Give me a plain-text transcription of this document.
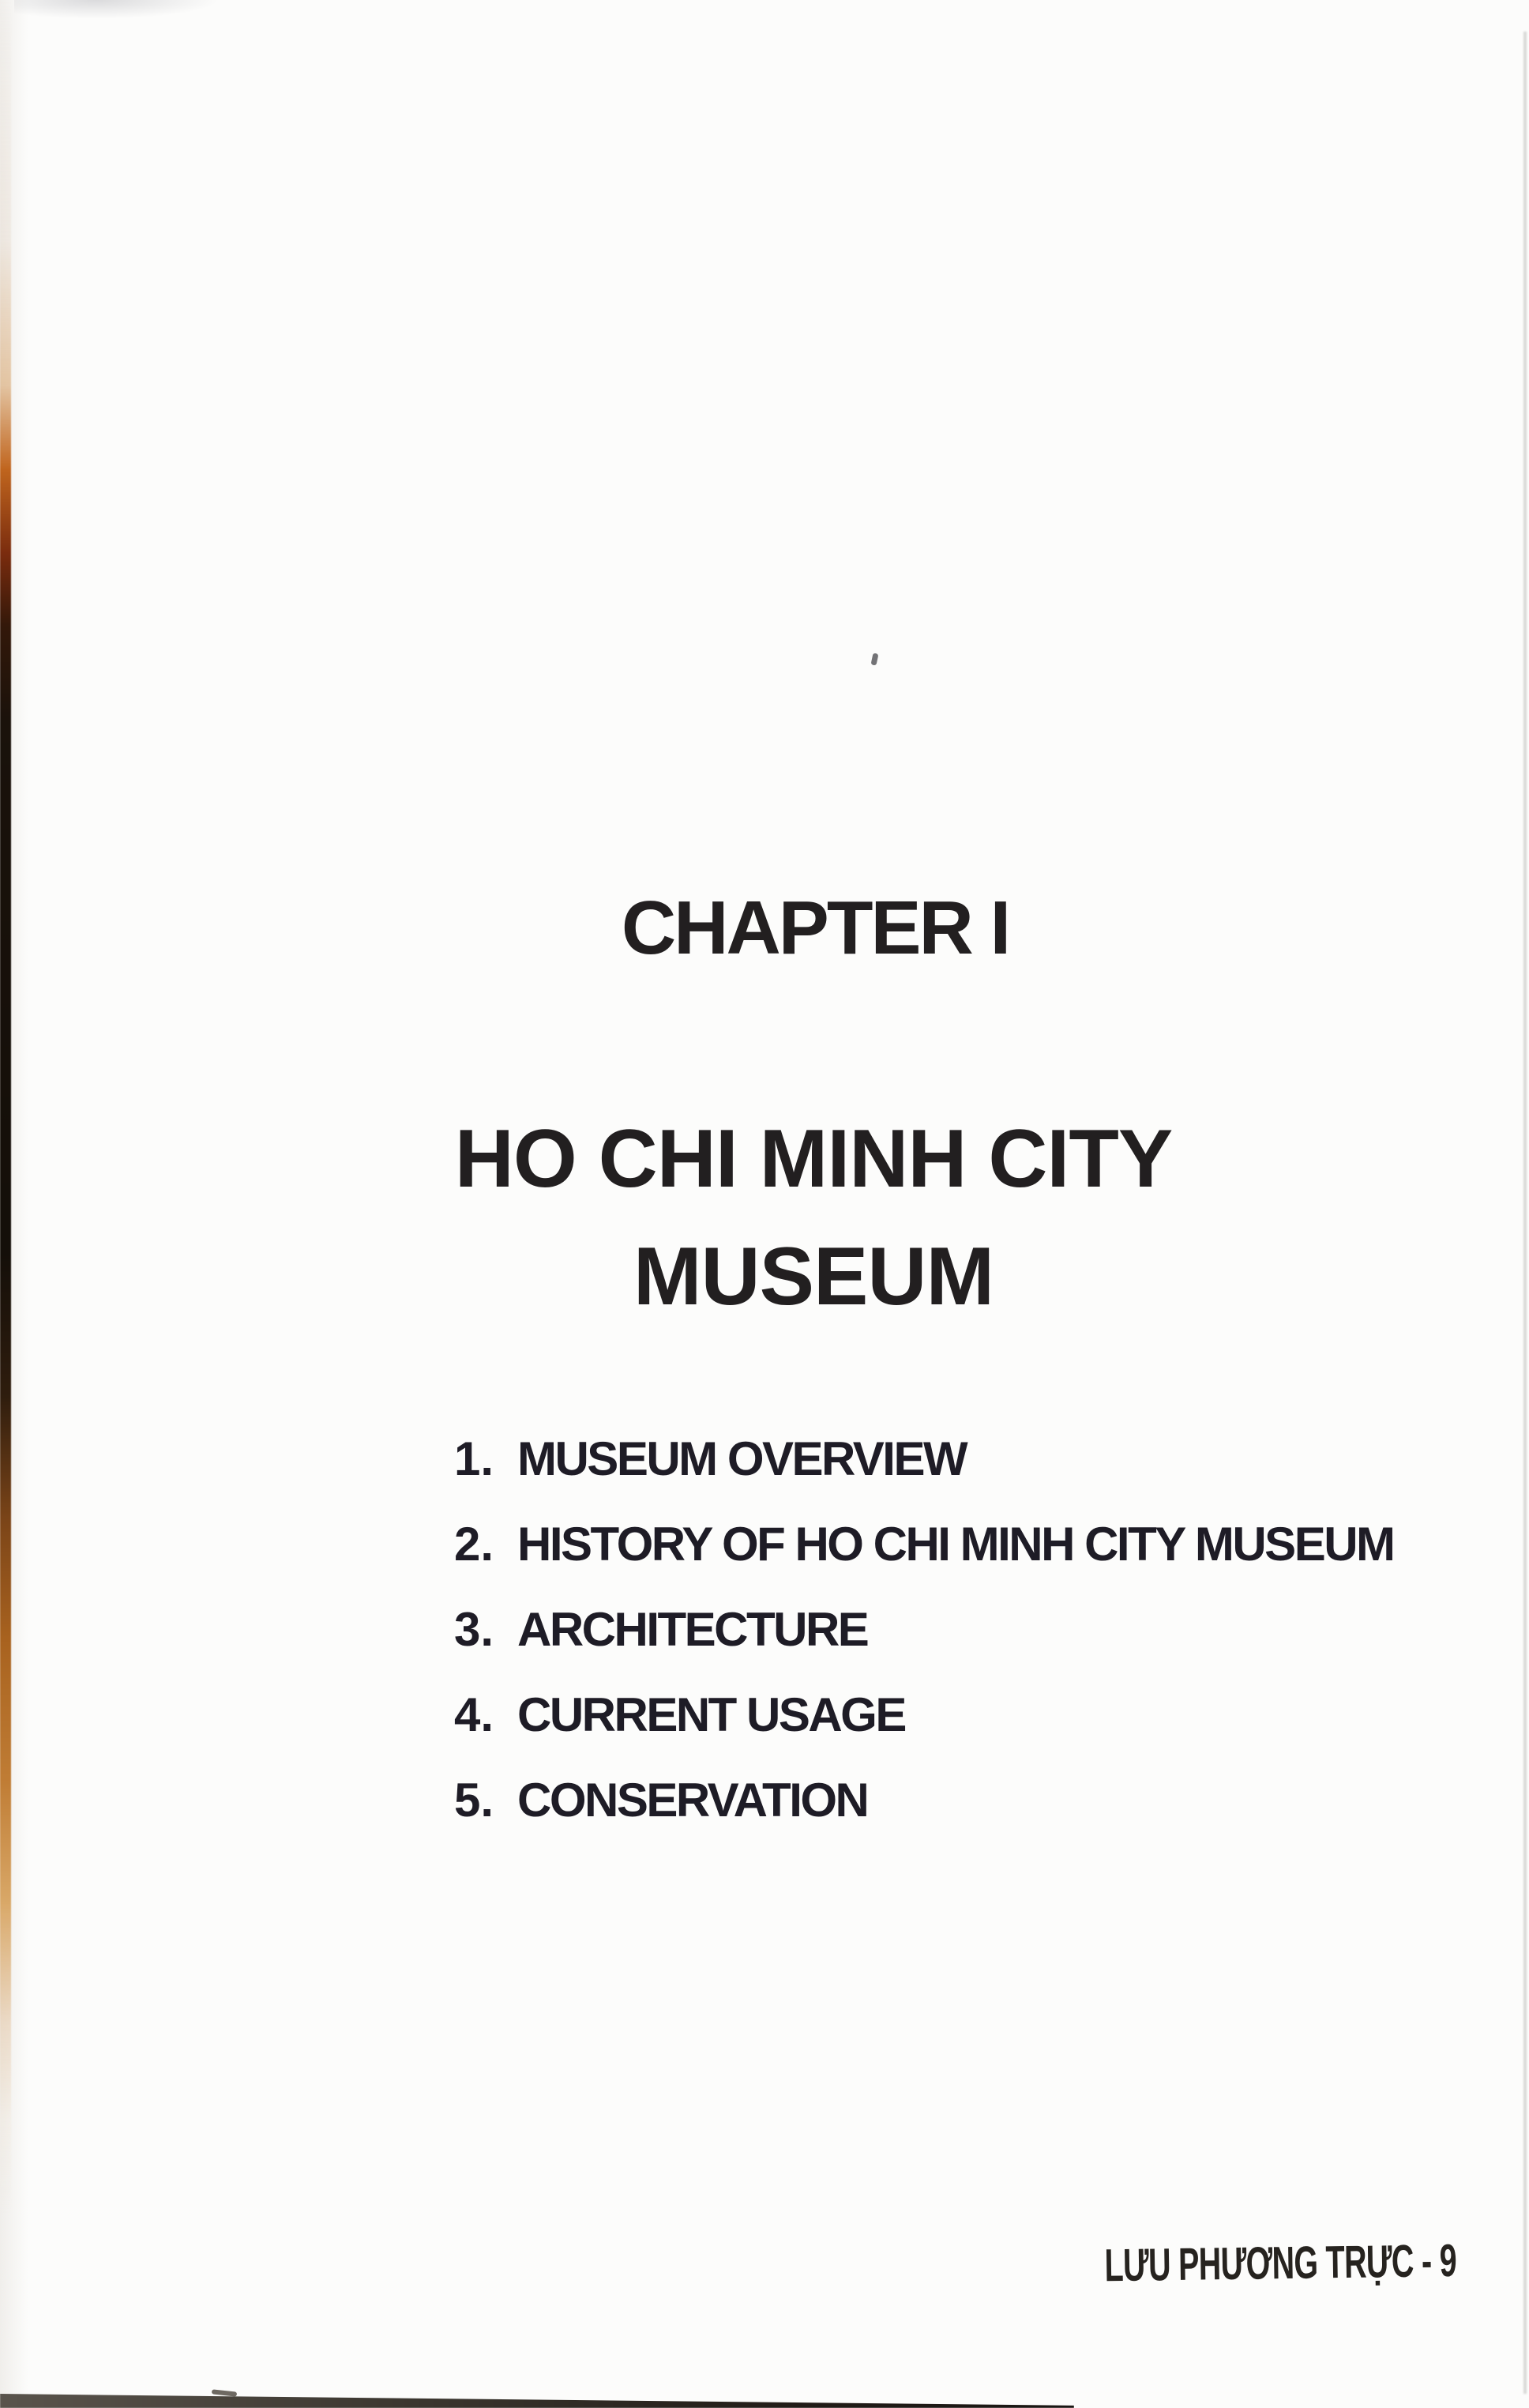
CHAPTER I
HO CHI MINH CITY
MUSEUM
1. MUSEUM OVERVIEW
2. HISTORY OF HO CHI MINH CITY MUSEUM
3. ARCHITECTURE
4. CURRENT USAGE
5. CONSERVATION
LƯU PHƯƠNG TRỰC - 9
